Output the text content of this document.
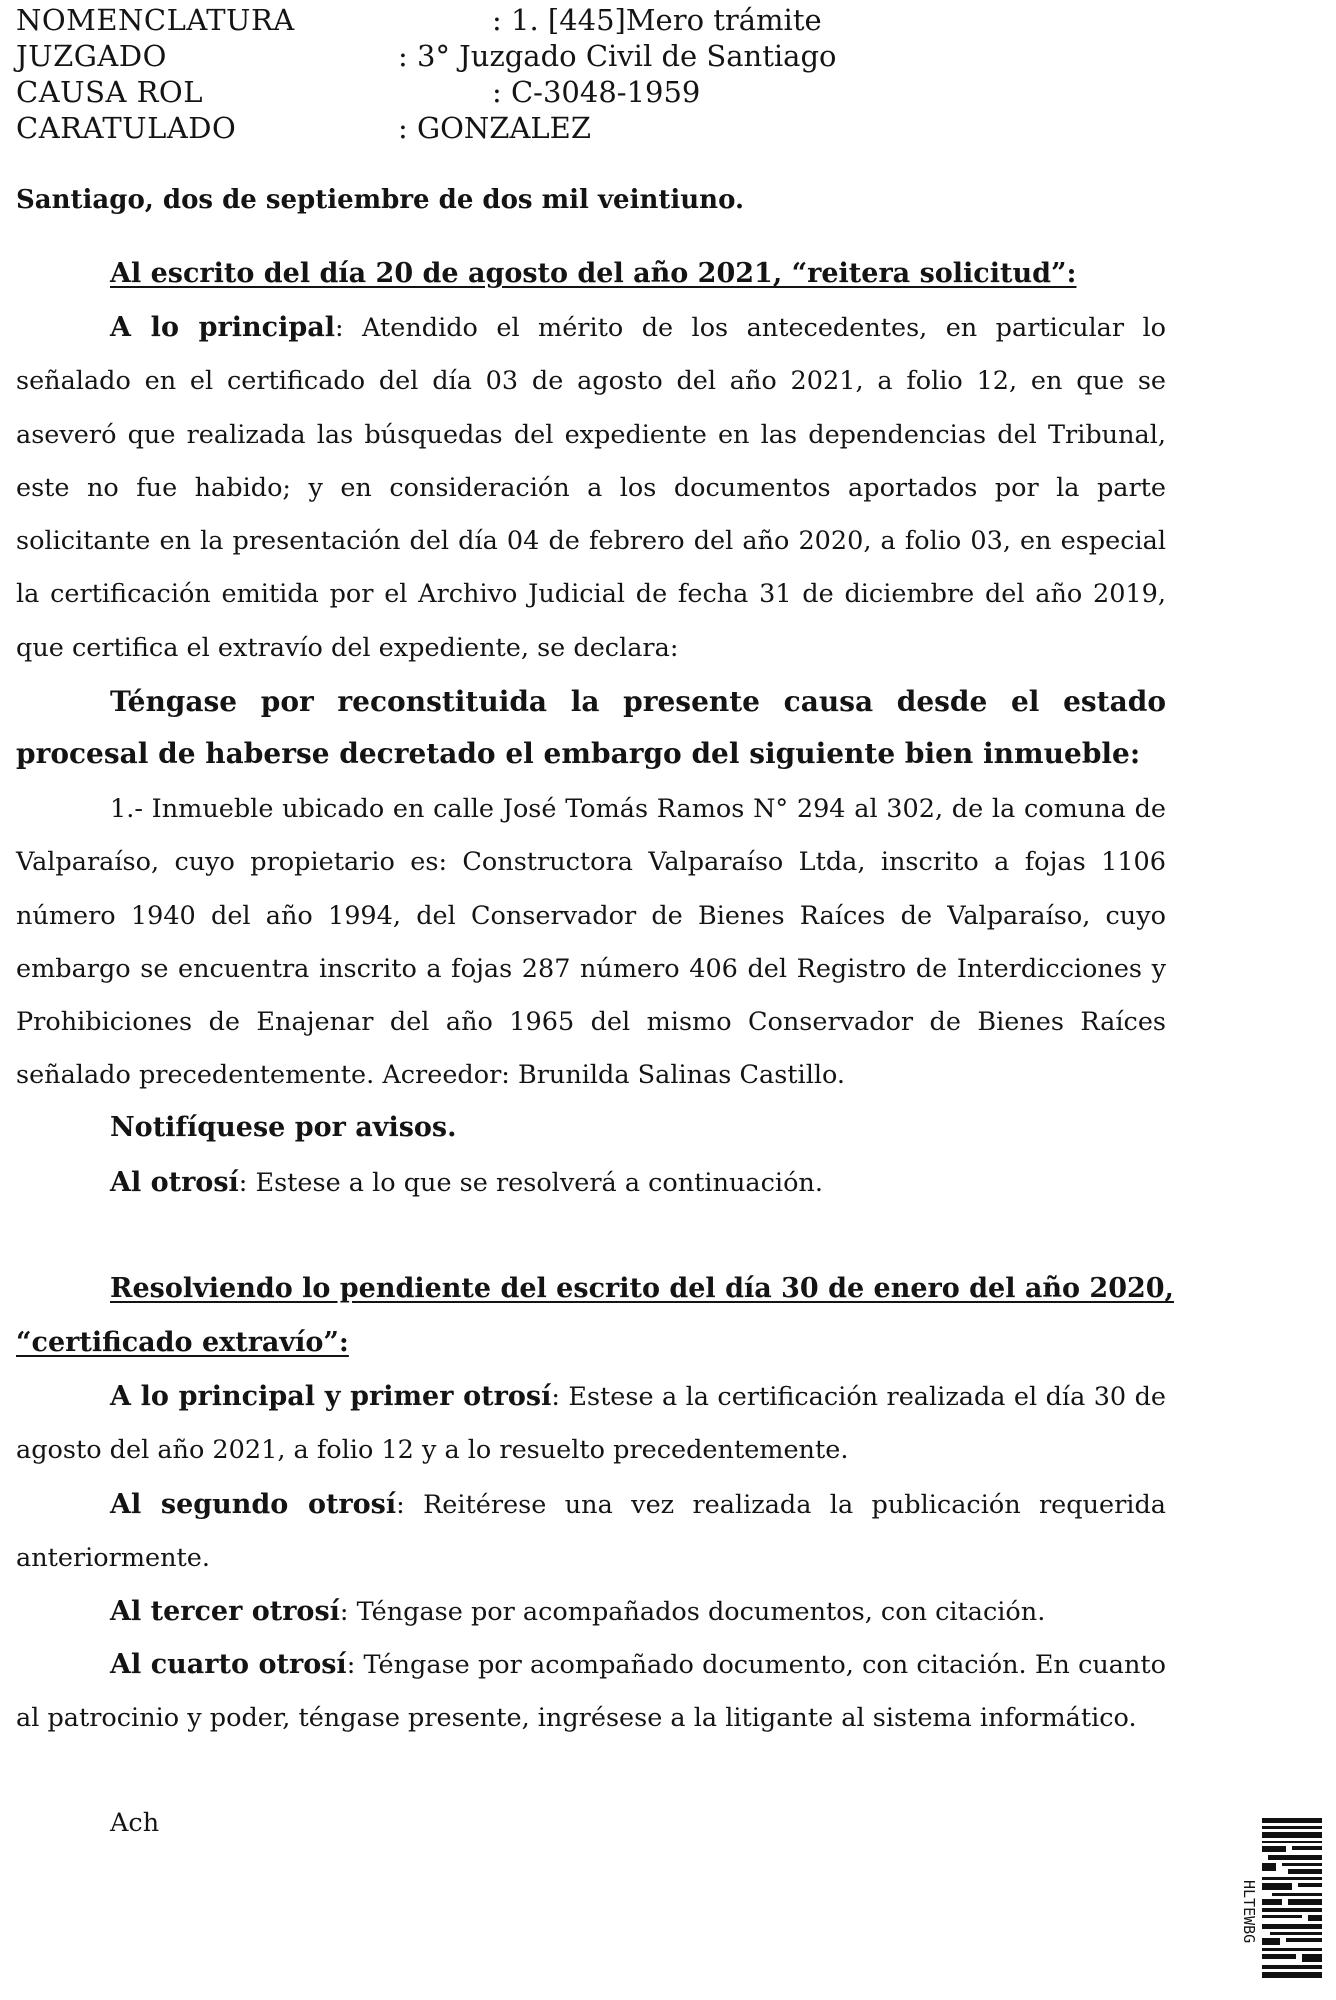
NOMENCLATURA	: 1. [445]Mero trámite
JUZGADO	: 3° Juzgado Civil de Santiago
CAUSA ROL	: C-3048-1959
CARATULADO	: GONZALEZ
Santiago, dos de septiembre de dos mil veintiuno.
Al escrito del día 20 de agosto del año 2021, “reitera solicitud”:
A lo principal: Atendido el mérito de los antecedentes, en particular lo señalado en el certificado del día 03 de agosto del año 2021, a folio 12, en que se aseveró que realizada las búsquedas del expediente en las dependencias del Tribunal, este no fue habido; y en consideración a los documentos aportados por la parte solicitante en la presentación del día 04 de febrero del año 2020, a folio 03, en especial la certificación emitida por el Archivo Judicial de fecha 31 de diciembre del año 2019, que certifica el extravío del expediente, se declara:
Téngase por reconstituida la presente causa desde el estado procesal de haberse decretado el embargo del siguiente bien inmueble:
1.- Inmueble ubicado en calle José Tomás Ramos N° 294 al 302, de la comuna de Valparaíso, cuyo propietario es: Constructora Valparaíso Ltda, inscrito a fojas 1106 número 1940 del año 1994, del Conservador de Bienes Raíces de Valparaíso, cuyo embargo se encuentra inscrito a fojas 287 número 406 del Registro de Interdicciones y Prohibiciones de Enajenar del año 1965 del mismo Conservador de Bienes Raíces señalado precedentemente. Acreedor: Brunilda Salinas Castillo.
Notifíquese por avisos.
Al otrosí: Estese a lo que se resolverá a continuación.
Resolviendo lo pendiente del escrito del día 30 de enero del año 2020,
“certificado extravío”:
A lo principal y primer otrosí: Estese a la certificación realizada el día 30 de agosto del año 2021, a folio 12 y a lo resuelto precedentemente.
Al segundo otrosí: Reitérese una vez realizada la publicación requerida anteriormente.
Al tercer otrosí: Téngase por acompañados documentos, con citación.
Al cuarto otrosí: Téngase por acompañado documento, con citación. En cuanto al patrocinio y poder, téngase presente, ingrésese a la litigante al sistema informático.
Ach
HLTEWBG
